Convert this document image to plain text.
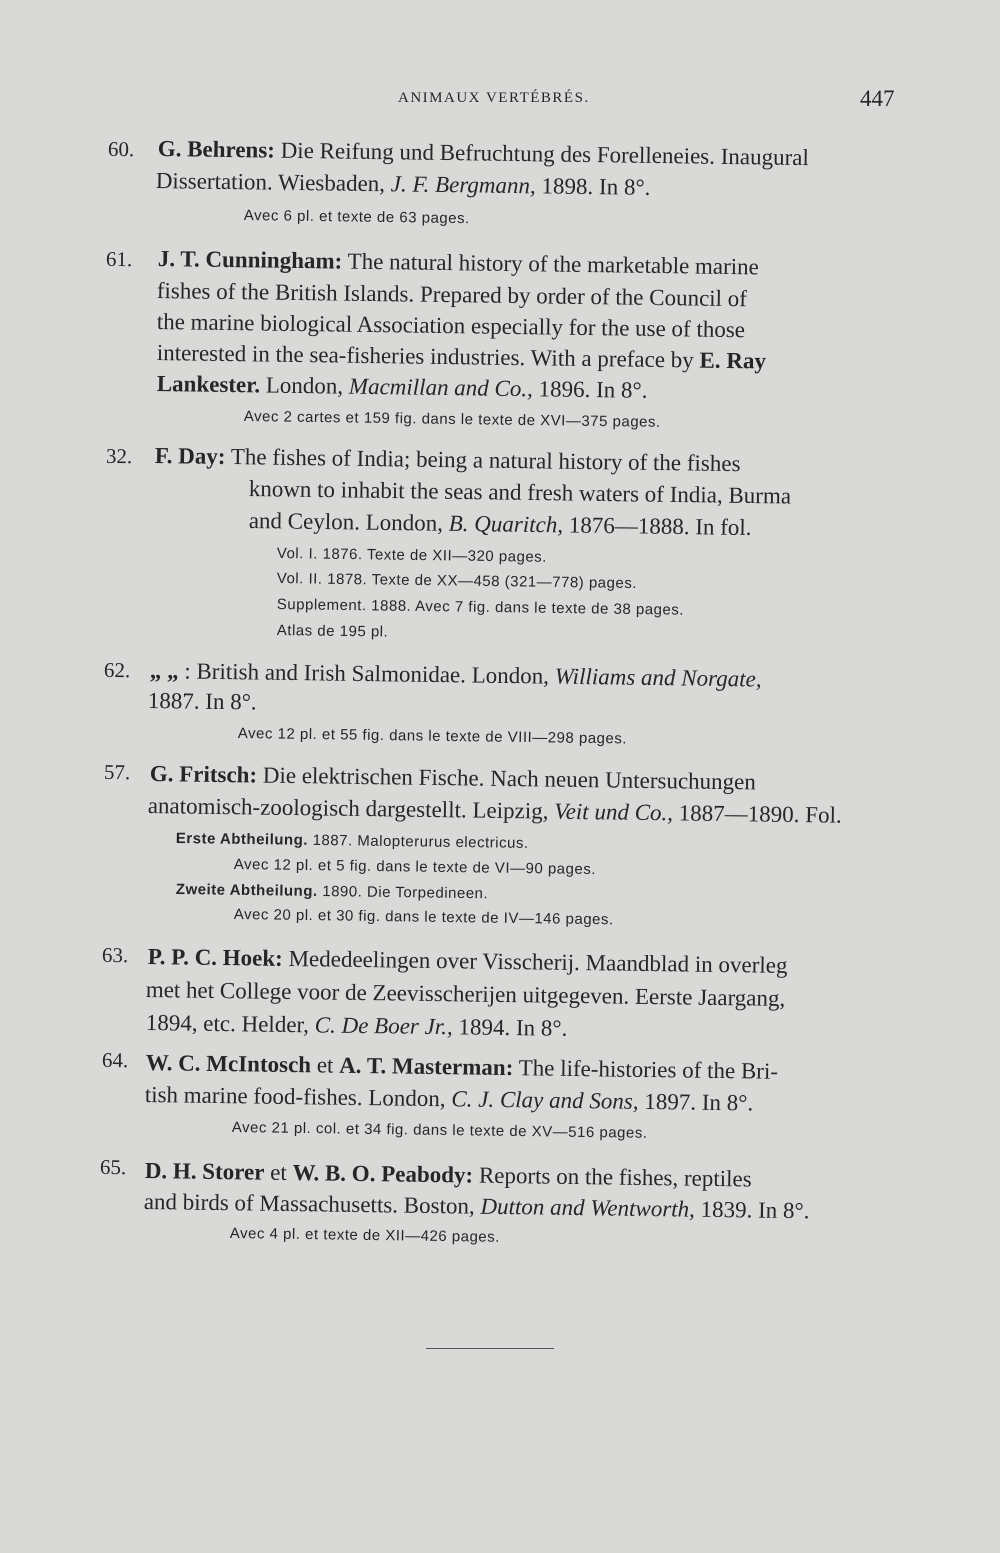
ANIMAUX VERTÉBRÉS.	447
60. G. Behrens: Die Reifung und Befruchtung des Forelleneies. Inaugural
Dissertation. Wiesbaden, J. F. Bergmann, 1898. In 8°.
Avec 6 pl. et texte de 63 pages.
61. J. T. Cunningham: The natural history of the marketable marine
fishes of the British Islands. Prepared by order of the Council of
the marine biological Association especially for the use of those
interested in the sea-fisheries industries. With a preface by E. Ray
Lankester. London, Macmillan and Co., 1896. In 8°.
Avec 2 cartes et 159 fig. dans le texte de XVI—375 pages.
32. F. Day: The fishes of India; being a natural history of the fishes
known to inhabit the seas and fresh waters of India, Burma
and Ceylon. London, B. Quaritch, 1876—1888. In fol.
Vol. I. 1876. Texte de XII—320 pages.
Vol. II. 1878. Texte de XX—458 (321—778) pages.
Supplement. 1888. Avec 7 fig. dans le texte de 38 pages.
Atlas de 195 pl.
62. „ „ : British and Irish Salmonidae. London, Williams and Norgate,
1887. In 8°.
Avec 12 pl. et 55 fig. dans le texte de VIII—298 pages.
57. G. Fritsch: Die elektrischen Fische. Nach neuen Untersuchungen
anatomisch-zoologisch dargestellt. Leipzig, Veit und Co., 1887—1890. Fol.
Erste Abtheilung. 1887. Malopterurus electricus.
Avec 12 pl. et 5 fig. dans le texte de VI—90 pages.
Zweite Abtheilung. 1890. Die Torpedineen.
Avec 20 pl. et 30 fig. dans le texte de IV—146 pages.
63. P. P. C. Hoek: Mededeelingen over Visscherij. Maandblad in overleg
met het College voor de Zeevisscherijen uitgegeven. Eerste Jaargang,
1894, etc. Helder, C. De Boer Jr., 1894. In 8°.
64. W. C. McIntosch et A. T. Masterman: The life-histories of the Bri-
tish marine food-fishes. London, C. J. Clay and Sons, 1897. In 8°.
Avec 21 pl. col. et 34 fig. dans le texte de XV—516 pages.
65. D. H. Storer et W. B. O. Peabody: Reports on the fishes, reptiles
and birds of Massachusetts. Boston, Dutton and Wentworth, 1839. In 8°.
Avec 4 pl. et texte de XII—426 pages.
